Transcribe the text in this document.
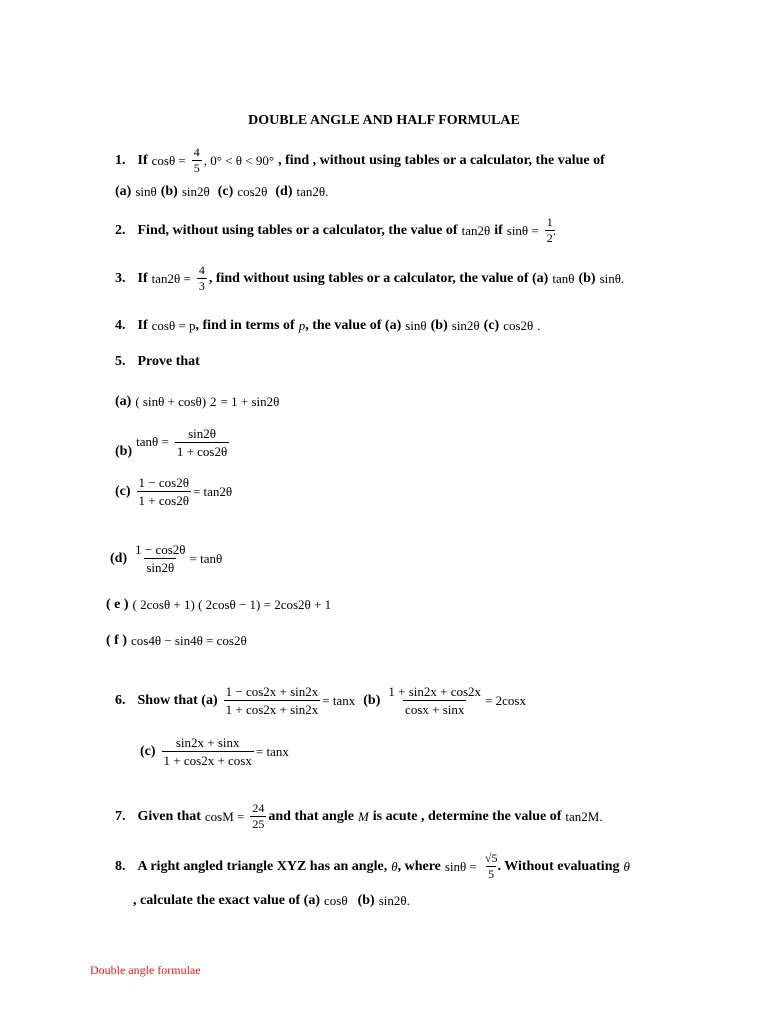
DOUBLE ANGLE AND HALF FORMULAE
1. If $\cos\theta = \frac{4}{5}$ , 0° < θ < 90° , find , without using tables or a calculator, the value of
(a) sinθ (b) sin2θ (c) cos2θ (d) tan2θ .
2. Find, without using tables or a calculator, the value of tan2θ if $\sin\theta = \frac{1}{2}$
.
3. If $\tan 2\theta = \frac{4}{3}$ , find without using tables or a calculator, the value of (a) tanθ (b) sinθ .
4. If cosθ = p , find in terms of p , the value of (a) sinθ (b) sin2θ (c) cos2θ .
5. Prove that
(a) ( sinθ + cosθ) 2 = 1 + sin2θ
(b)
$\tan\theta = \frac{\sin 2\theta}{1 + \cos 2\theta}$
$(c) \frac{1 - \cos 2\theta}{1 + \cos 2\theta} = \tan 2$ θ
$(d) \frac{1 - \cos 2\theta}{\sin 2\theta} = \tan\theta$
( e ) ( 2cosθ + 1) ( 2cosθ − 1) = 2cos2θ + 1
( f ) cos 4 θ − sin 4 θ = cos2θ
6. Show that $(a) \frac{1 - \cos 2x + \sin 2x}{1 + \cos 2x + \sin 2x} = \tan x$ $(b) \frac{1 + \sin 2x + \cos 2x}{\cos x + \sin x} = 2\cos x$
$(c) \frac{\sin 2x + \sin x}{1 + \cos 2x + \cos x} = \tan x$
7. Given that $\cos M = \frac{24}{25}$ and that angle M is acute , determine the value of tan2M .
8. A right angled triangle XYZ has an angle, θ , where $\sin\theta = \frac{√5}{5}$
. Without evaluating θ
, calculate the exact value of (a) cosθ (b) sin2θ .
Double angle formulae
